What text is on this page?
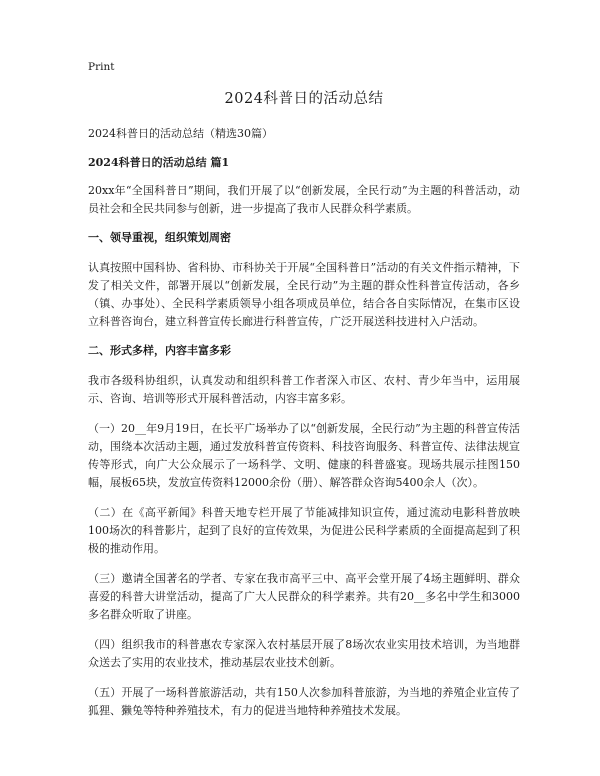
Print
2024科普日的活动总结
2024科普日的活动总结（精选30篇）
2024科普日的活动总结 篇1
20xx年“全国科普日”期间，我们开展了以“创新发展，全民行动”为主题的科普活动，动员社会和全民共同参与创新，进一步提高了我市人民群众科学素质。
一、领导重视，组织策划周密
认真按照中国科协、省科协、市科协关于开展“全国科普日”活动的有关文件指示精神，下发了相关文件，部署开展以“创新发展，全民行动”为主题的群众性科普宣传活动，各乡（镇、办事处）、全民科学素质领导小组各项成员单位，结合各自实际情况，在集市区设立科普咨询台，建立科普宣传长廊进行科普宣传，广泛开展送科技进村入户活动。
二、形式多样，内容丰富多彩
我市各级科协组织，认真发动和组织科普工作者深入市区、农村、青少年当中，运用展示、咨询、培训等形式开展科普活动，内容丰富多彩。
（一）20__年9月19日，在长平广场举办了以“创新发展，全民行动”为主题的科普宣传活动，围绕本次活动主题，通过发放科普宣传资料、科技咨询服务、科普宣传、法律法规宣传等形式，向广大公众展示了一场科学、文明、健康的科普盛宴。现场共展示挂图150幅，展板65块，发放宣传资料12000余份（册）、解答群众咨询5400余人（次）。
（二）在《高平新闻》科普天地专栏开展了节能减排知识宣传，通过流动电影科普放映100场次的科普影片，起到了良好的宣传效果，为促进公民科学素质的全面提高起到了积极的推动作用。
（三）邀请全国著名的学者、专家在我市高平三中、高平会堂开展了4场主题鲜明、群众喜爱的科普大讲堂活动，提高了广大人民群众的科学素养。共有20__多名中学生和3000多名群众听取了讲座。
（四）组织我市的科普惠农专家深入农村基层开展了8场次农业实用技术培训，为当地群众送去了实用的农业技术，推动基层农业技术创新。
（五）开展了一场科普旅游活动，共有150人次参加科普旅游，为当地的养殖企业宣传了狐狸、獭兔等特种养殖技术，有力的促进当地特种养殖技术发展。
